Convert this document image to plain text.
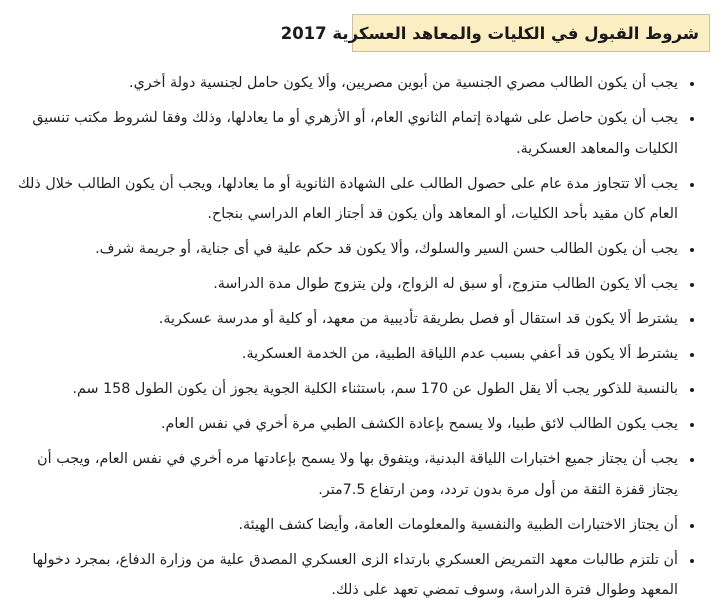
شروط القبول في الكليات والمعاهد العسكرية 2017
• يجب أن يكون الطالب مصري الجنسية من أبوين مصريين، وألا يكون حامل لجنسية دولة أخري.
• يجب أن يكون حاصل على شهادة إتمام الثانوي العام، أو الأزهري أو ما يعادلها، وذلك وفقا لشروط مكتب تنسيق الكليات والمعاهد العسكرية.
• يجب ألا تتجاوز مدة عام على حصول الطالب على الشهادة الثانوية أو ما يعادلها، ويجب أن يكون الطالب خلال ذلك العام كان مقيد بأحد الكليات، أو المعاهد وأن يكون قد أجتاز العام الدراسي بنجاح.
• يجب أن يكون الطالب حسن السير والسلوك، وألا يكون قد حكم علية في أى جناية، أو جريمة شرف.
• يجب ألا يكون الطالب متزوج، أو سبق له الزواج، ولن يتزوج طوال مدة الدراسة.
• يشترط ألا يكون قد استقال أو فصل بطريقة تأديبية من معهد، أو كلية أو مدرسة عسكرية.
• يشترط ألا يكون قد أعفي بسبب عدم اللياقة الطبية، من الخدمة العسكرية.
• بالنسبة للذكور يجب ألا يقل الطول عن 170 سم، باستثناء الكلية الجوية يجوز أن يكون الطول 158 سم.
• يجب يكون الطالب لائق طبيا، ولا يسمح بإعادة الكشف الطبي مرة أخري في نفس العام.
• يجب أن يجتاز جميع اختبارات اللياقة البدنية، ويتفوق بها ولا يسمح بإعادتها مره أخري في نفس العام، ويجب أن يجتاز قفزة الثقة من أول مرة بدون تردد، ومن ارتفاع 7.5متر.
• أن يجتاز الاختبارات الطبية والنفسية والمعلومات العامة، وأيضا كشف الهيئة.
• أن تلتزم طالبات معهد التمريض العسكري بارتداء الزى العسكري المصدق علية من وزارة الدفاع، بمجرد دخولها المعهد وطوال فترة الدراسة، وسوف تمضي تعهد على ذلك.
